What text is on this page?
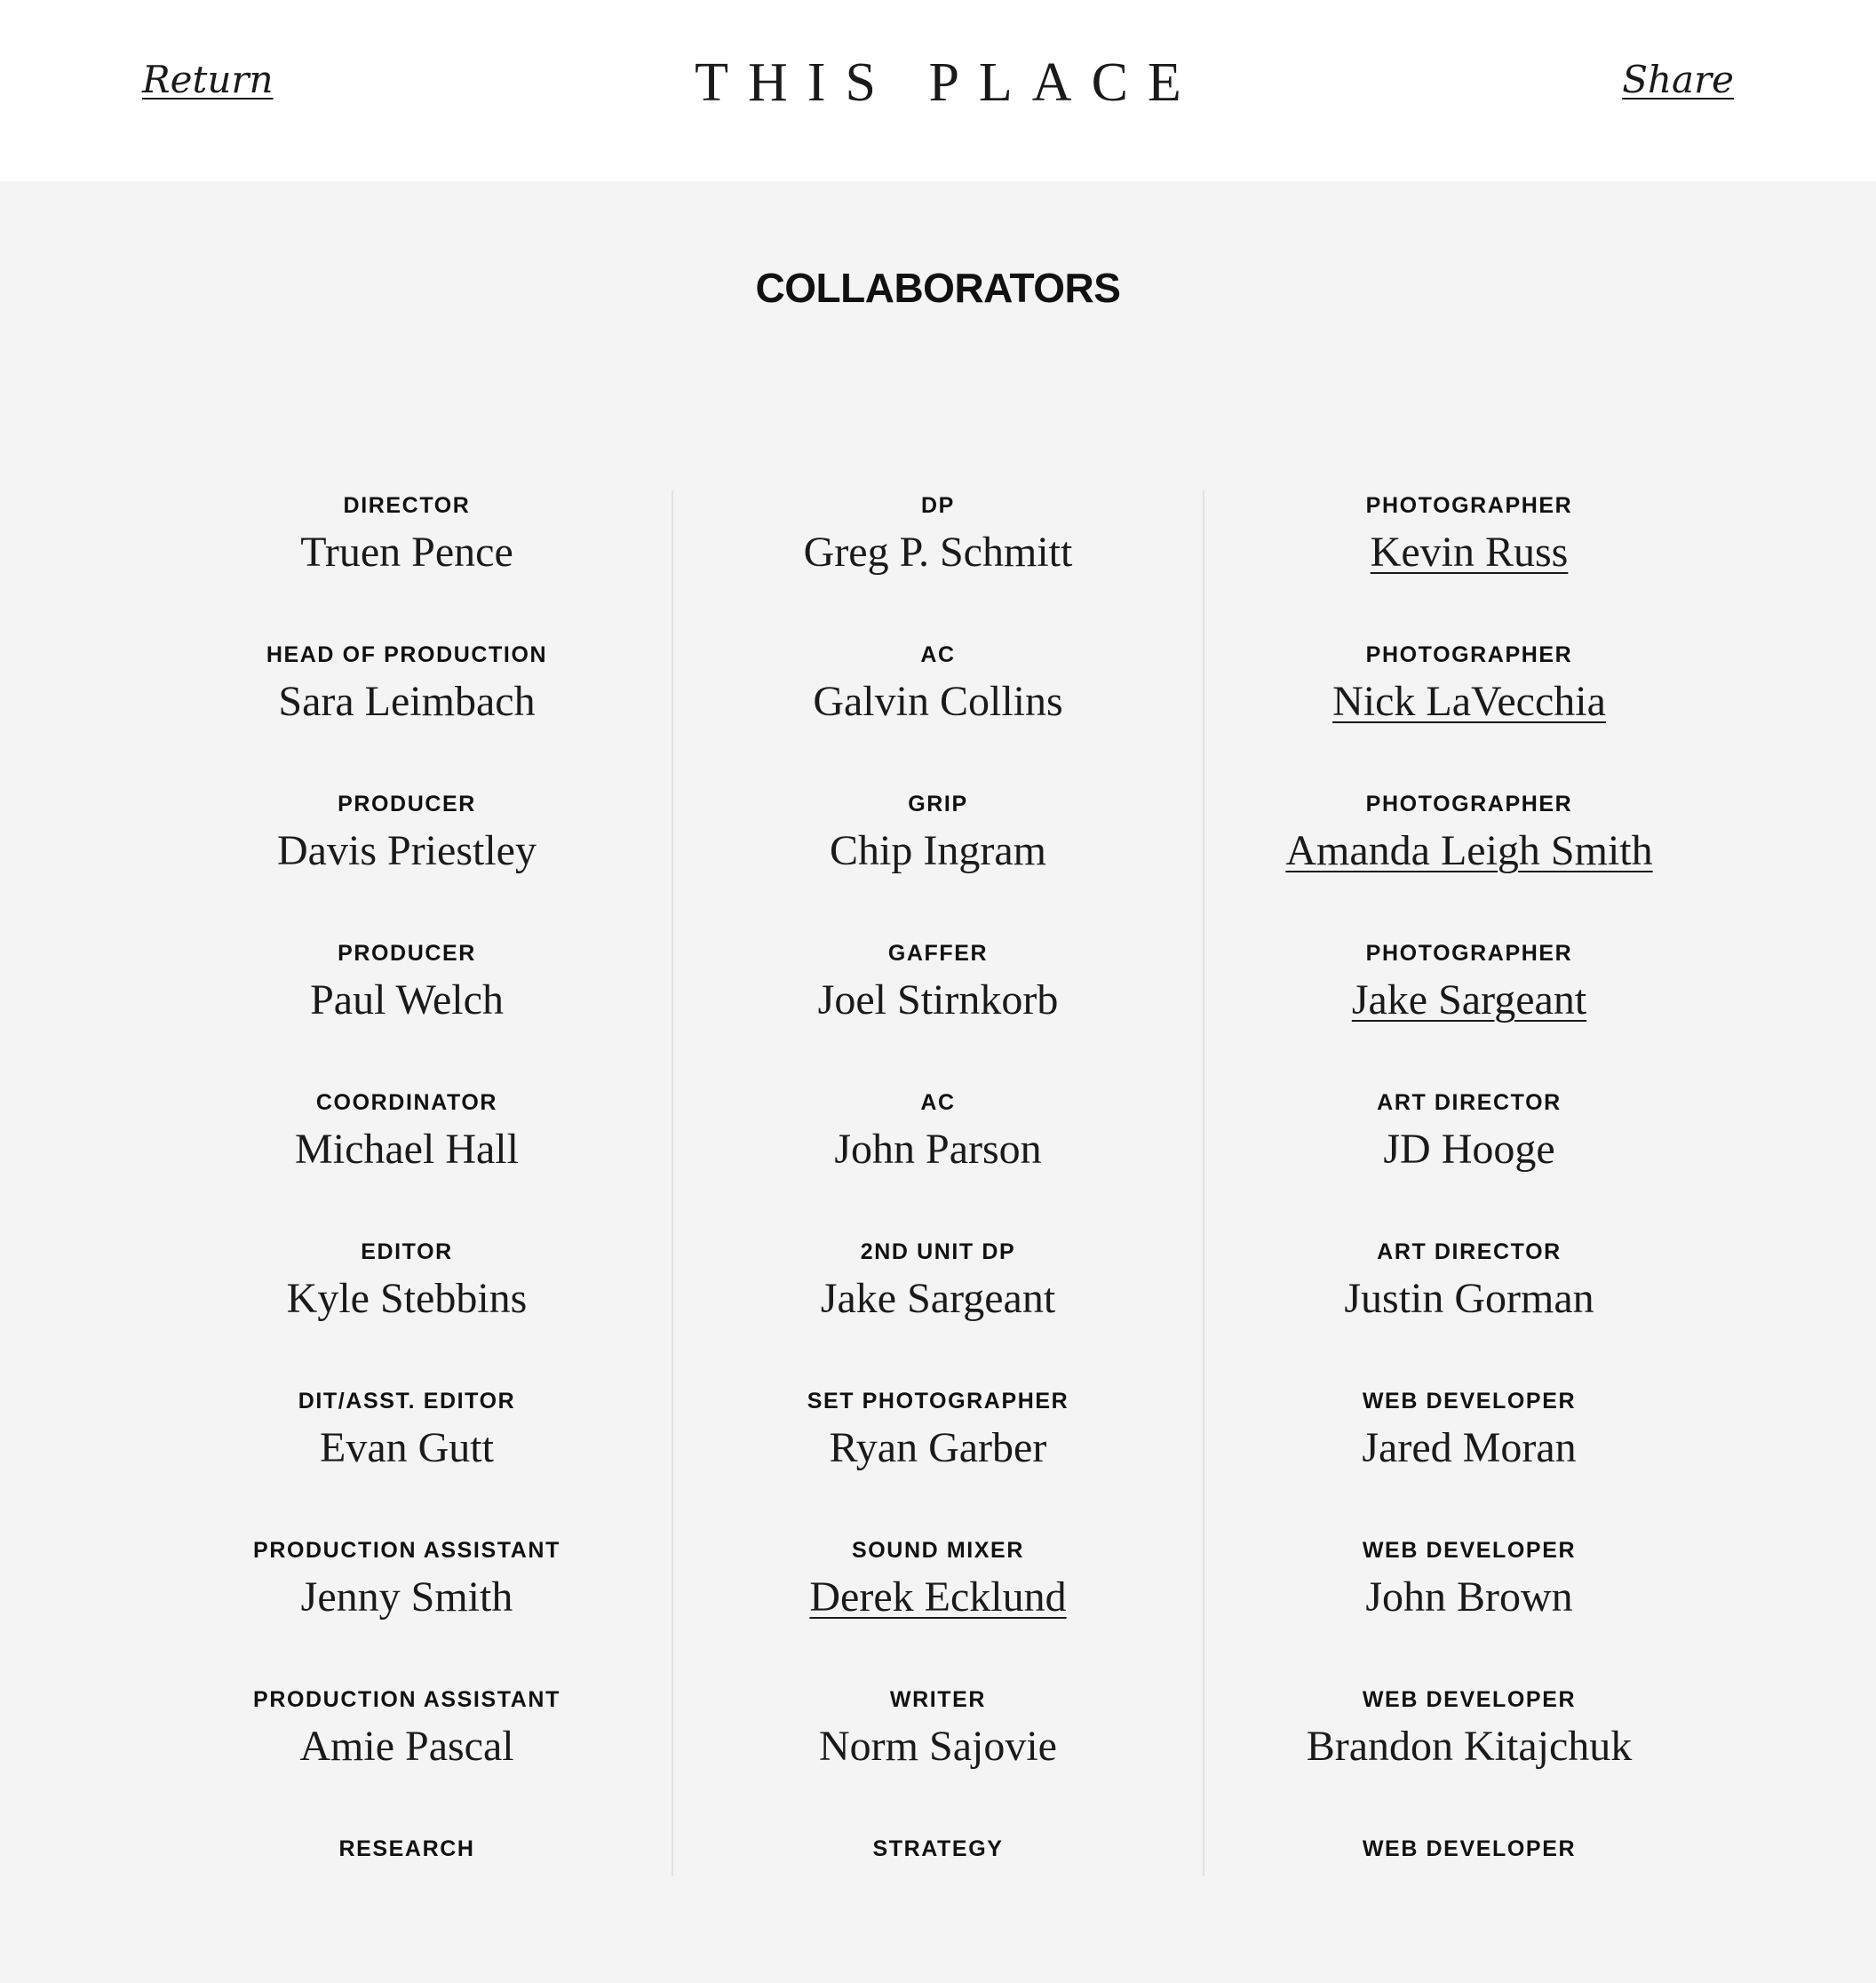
Return	THIS PLACE	Share
COLLABORATORS
DIRECTOR
Truen Pence
HEAD OF PRODUCTION
Sara Leimbach
PRODUCER
Davis Priestley
PRODUCER
Paul Welch
COORDINATOR
Michael Hall
EDITOR
Kyle Stebbins
DIT/ASST. EDITOR
Evan Gutt
PRODUCTION ASSISTANT
Jenny Smith
PRODUCTION ASSISTANT
Amie Pascal
RESEARCH
DP
Greg P. Schmitt
AC
Galvin Collins
GRIP
Chip Ingram
GAFFER
Joel Stirnkorb
AC
John Parson
2ND UNIT DP
Jake Sargeant
SET PHOTOGRAPHER
Ryan Garber
SOUND MIXER
Derek Ecklund
WRITER
Norm Sajovie
STRATEGY
PHOTOGRAPHER
Kevin Russ
PHOTOGRAPHER
Nick LaVecchia
PHOTOGRAPHER
Amanda Leigh Smith
PHOTOGRAPHER
Jake Sargeant
ART DIRECTOR
JD Hooge
ART DIRECTOR
Justin Gorman
WEB DEVELOPER
Jared Moran
WEB DEVELOPER
John Brown
WEB DEVELOPER
Brandon Kitajchuk
WEB DEVELOPER
